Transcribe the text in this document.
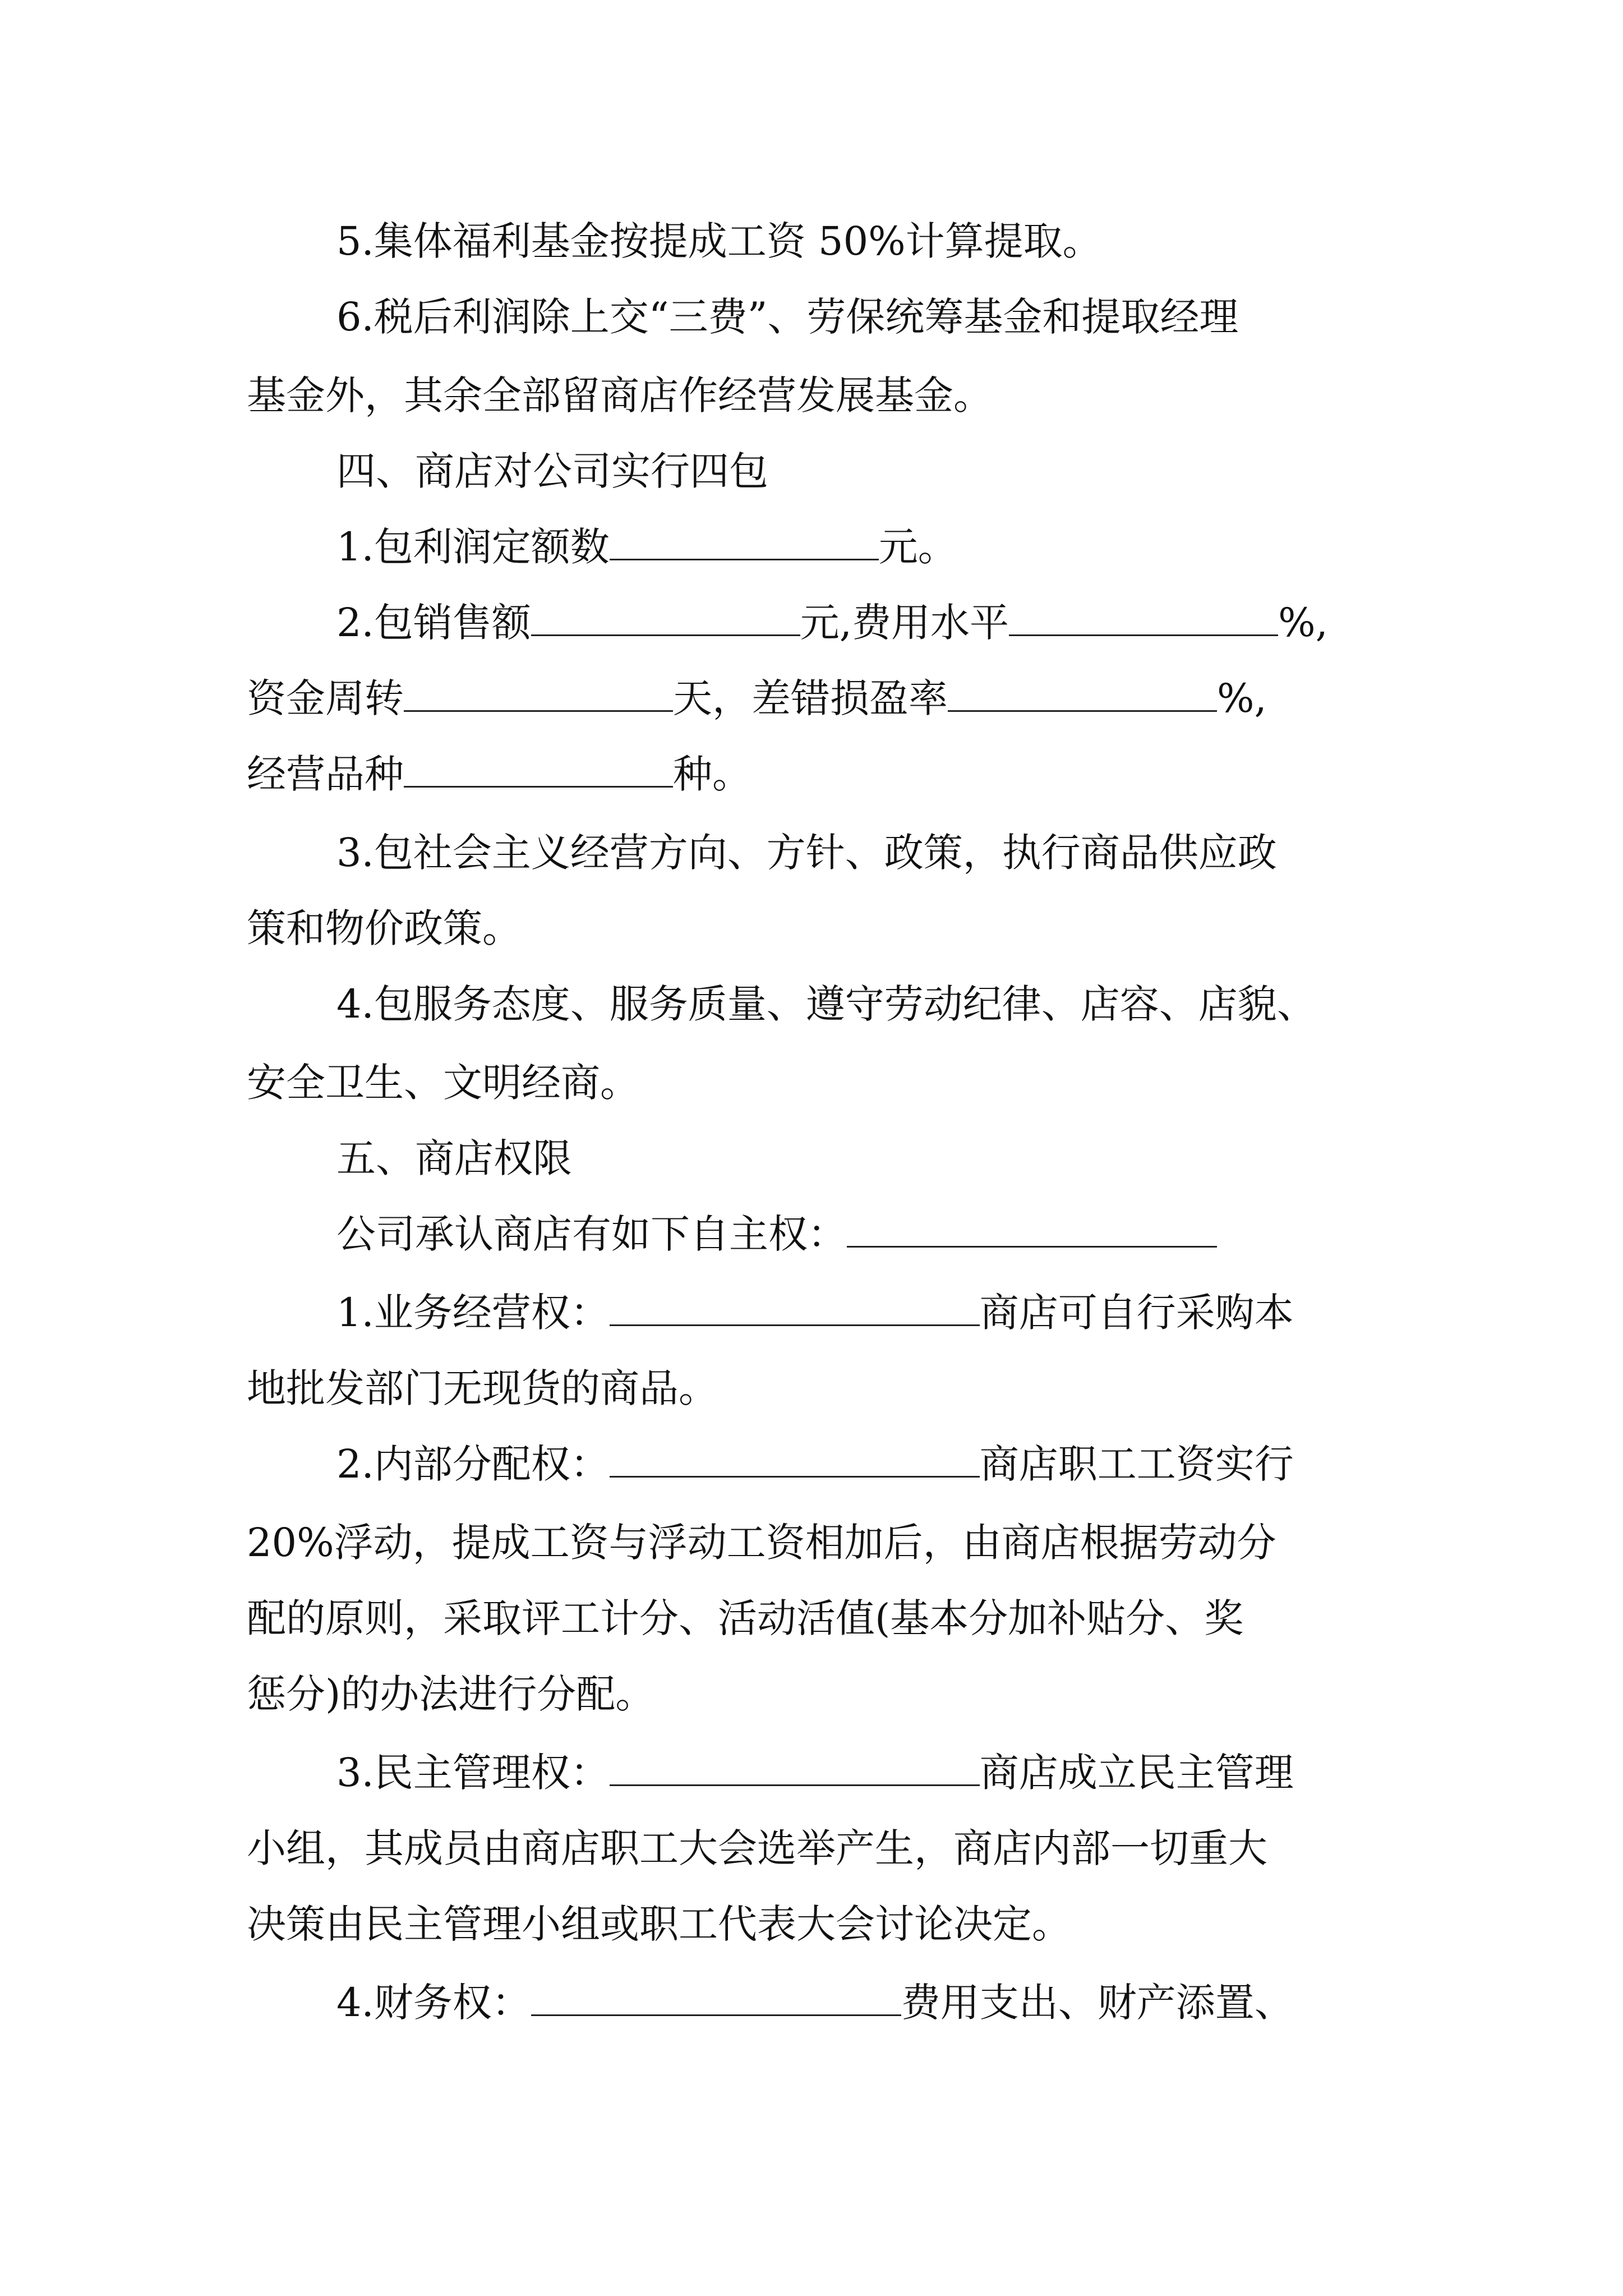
5.集体福利基金按提成工资 50%计算提取。
6.税后利润除上交“三费”、劳保统筹基金和提取经理
基金外，其余全部留商店作经营发展基金。
四、商店对公司实行四包
1.包利润定额数	元。
2.包销售额	元,费用水平	%,
资金周转	天，差错损盈率	%,
经营品种	种。
3.包社会主义经营方向、方针、政策，执行商品供应政
策和物价政策。
4.包服务态度、服务质量、遵守劳动纪律、店容、店貌、
安全卫生、文明经商。
五、商店权限
公司承认商店有如下自主权：
1.业务经营权：	商店可自行采购本
地批发部门无现货的商品。
2.内部分配权：	商店职工工资实行
20%浮动，提成工资与浮动工资相加后，由商店根据劳动分
配的原则，采取评工计分、活动活值(基本分加补贴分、奖
惩分)的办法进行分配。
3.民主管理权：	商店成立民主管理
小组，其成员由商店职工大会选举产生，商店内部一切重大
决策由民主管理小组或职工代表大会讨论决定。
4.财务权：	费用支出、财产添置、
